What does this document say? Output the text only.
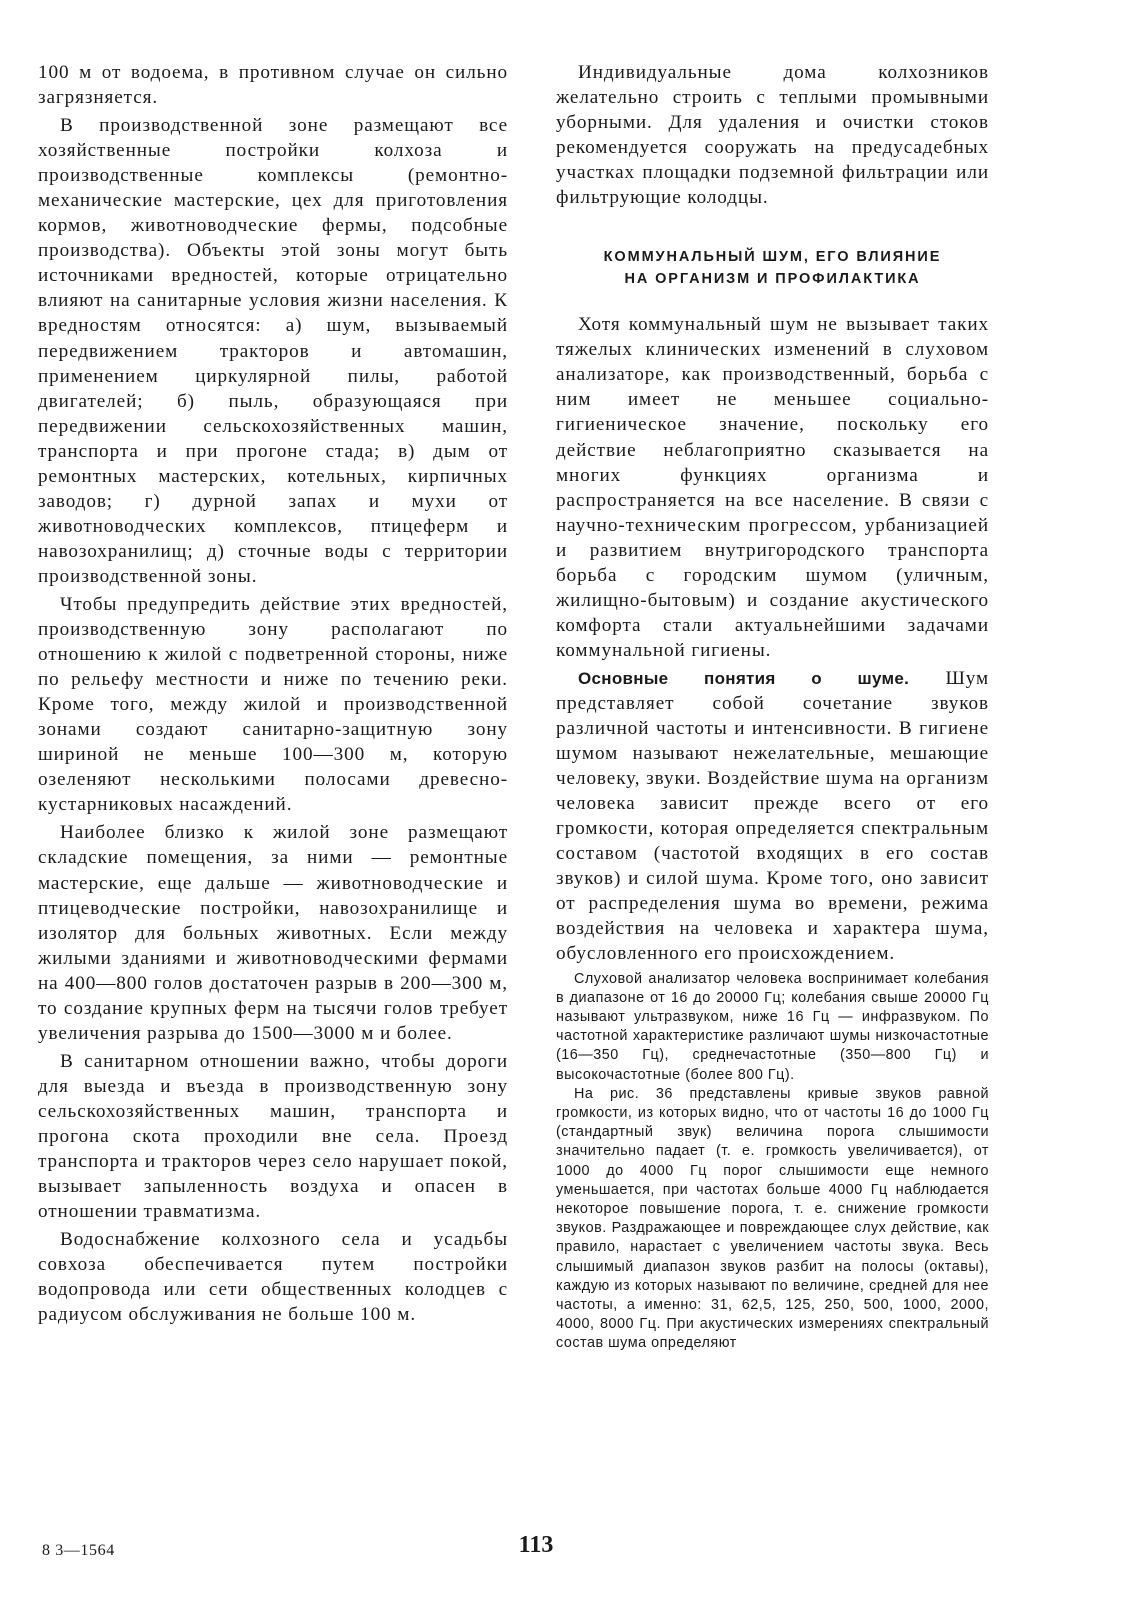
100 м от водоема, в противном случае он сильно загрязняется.

В производственной зоне размещают все хозяйственные постройки колхоза и производственные комплексы (ремонтно-механические мастерские, цех для приготовления кормов, животноводческие фермы, подсобные производства). Объекты этой зоны могут быть источниками вредностей, которые отрицательно влияют на санитарные условия жизни населения. К вредностям относятся: а) шум, вызываемый передвижением тракторов и автомашин, применением циркулярной пилы, работой двигателей; б) пыль, образующаяся при передвижении сельскохозяйственных машин, транспорта и при прогоне стада; в) дым от ремонтных мастерских, котельных, кирпичных заводов; г) дурной запах и мухи от животноводческих комплексов, птицеферм и навозохранилищ; д) сточные воды с территории производственной зоны.

Чтобы предупредить действие этих вредностей, производственную зону располагают по отношению к жилой с подветренной стороны, ниже по рельефу местности и ниже по течению реки. Кроме того, между жилой и производственной зонами создают санитарно-защитную зону шириной не меньше 100—300 м, которую озеленяют несколькими полосами древесно-кустарниковых насаждений.

Наиболее близко к жилой зоне размещают складские помещения, за ними — ремонтные мастерские, еще дальше — животноводческие и птицеводческие постройки, навозохранилище и изолятор для больных животных. Если между жилыми зданиями и животноводческими фермами на 400—800 голов достаточен разрыв в 200—300 м, то создание крупных ферм на тысячи голов требует увеличения разрыва до 1500—3000 м и более.

В санитарном отношении важно, чтобы дороги для выезда и въезда в производственную зону сельскохозяйственных машин, транспорта и прогона скота проходили вне села. Проезд транспорта и тракторов через село нарушает покой, вызывает запыленность воздуха и опасен в отношении травматизма.

Водоснабжение колхозного села и усадьбы совхоза обеспечивается путем постройки водопровода или сети общественных колодцев с радиусом обслуживания не больше 100 м.

Индивидуальные дома колхозников желательно строить с теплыми промывными уборными. Для удаления и очистки стоков рекомендуется сооружать на предусадебных участках площадки подземной фильтрации или фильтрующие колодцы.

КОММУНАЛЬНЫЙ ШУМ, ЕГО ВЛИЯНИЕ
НА ОРГАНИЗМ И ПРОФИЛАКТИКА

Хотя коммунальный шум не вызывает таких тяжелых клинических изменений в слуховом анализаторе, как производственный, борьба с ним имеет не меньшее социально-гигиеническое значение, поскольку его действие неблагоприятно сказывается на многих функциях организма и распространяется на все население. В связи с научно-техническим прогрессом, урбанизацией и развитием внутригородского транспорта борьба с городским шумом (уличным, жилищно-бытовым) и создание акустического комфорта стали актуальнейшими задачами коммунальной гигиены.

Основные понятия о шуме. Шум представляет собой сочетание звуков различной частоты и интенсивности. В гигиене шумом называют нежелательные, мешающие человеку, звуки. Воздействие шума на организм человека зависит прежде всего от его громкости, которая определяется спектральным составом (частотой входящих в его состав звуков) и силой шума. Кроме того, оно зависит от распределения шума во времени, режима воздействия на человека и характера шума, обусловленного его происхождением.

Слуховой анализатор человека воспринимает колебания в диапазоне от 16 до 20000 Гц; колебания свыше 20000 Гц называют ультразвуком, ниже 16 Гц — инфразвуком. По частотной характеристике различают шумы низкочастотные (16—350 Гц), среднечастотные (350—800 Гц) и высокочастотные (более 800 Гц).

На рис. 36 представлены кривые звуков равной громкости, из которых видно, что от частоты 16 до 1000 Гц (стандартный звук) величина порога слышимости значительно падает (т. е. громкость увеличивается), от 1000 до 4000 Гц порог слышимости еще немного уменьшается, при частотах больше 4000 Гц наблюдается некоторое повышение порога, т. е. снижение громкости звуков. Раздражающее и повреждающее слух действие, как правило, нарастает с увеличением частоты звука. Весь слышимый диапазон звуков разбит на полосы (октавы), каждую из которых называют по величине, средней для нее частоты, а именно: 31, 62,5, 125, 250, 500, 1000, 2000, 4000, 8000 Гц. При акустических измерениях спектральный состав шума определяют

8 3—1564	113
